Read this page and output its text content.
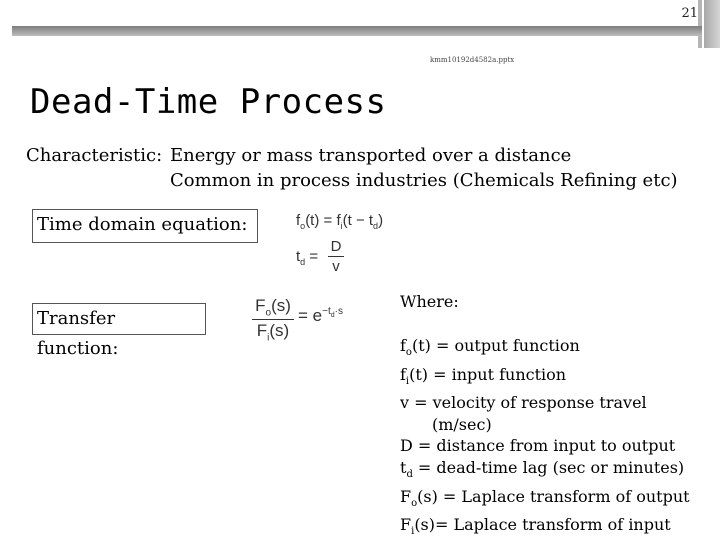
21
kmm10192d4582a.pptx
Dead-Time Process
Characteristic: Energy or mass transported over a distance
Common in process industries (Chemicals Refining etc)
Time domain equation:	$f_o(t) = f_i(t - t_d)$
$t_d$ =
D
v
Transfer function:
$F_o(s)$
$F_i(s)$
= $e^{-t_d\cdot s}$
Where:
$f_o(t)$ = output function
$f_i(t)$ = input function
v = velocity of response travel
(m/sec)
D = distance from input to output
$t_d$ = dead-time lag (sec or minutes)
$F_o(s)$ = Laplace transform of output
$F_i(s)=$ Laplace transform of input
